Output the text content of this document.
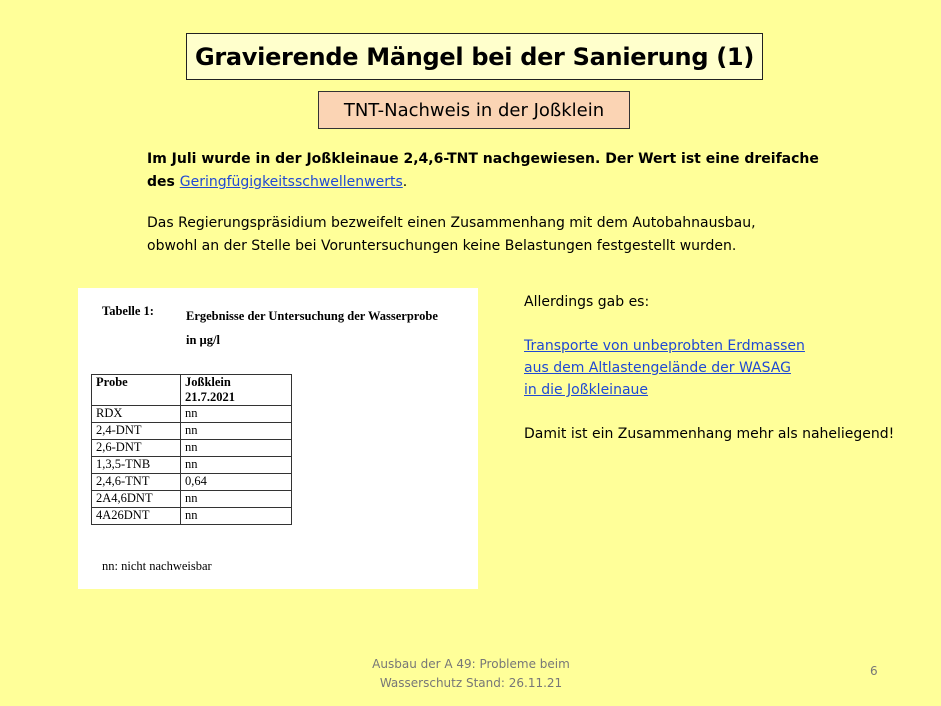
Gravierende Mängel bei der Sanierung (1)
TNT-Nachweis in der Joßklein
Im Juli wurde in der Joßkleinaue 2,4,6-TNT nachgewiesen. Der Wert ist eine dreifache
des Geringfügigkeitsschwellenwerts.
Das Regierungspräsidium bezweifelt einen Zusammenhang mit dem Autobahnausbau,
obwohl an der Stelle bei Voruntersuchungen keine Belastungen festgestellt wurden.
Tabelle 1:	Ergebnisse der Untersuchung der Wasserprobe
in µg/l
Probe	Joßklein
21.7.2021

RDX	nn
2,4-DNT	nn
2,6-DNT	nn
1,3,5-TNB	nn
2,4,6-TNT	0,64
2A4,6DNT	nn
4A26DNT	nn
nn: nicht nachweisbar
Allerdings gab es:
Transporte von unbeprobten Erdmassen
aus dem Altlastengelände der WASAG
in die Joßkleinaue
Damit ist ein Zusammenhang mehr als naheliegend!
Ausbau der A 49: Probleme beim
Wasserschutz Stand: 26.11.21
6
